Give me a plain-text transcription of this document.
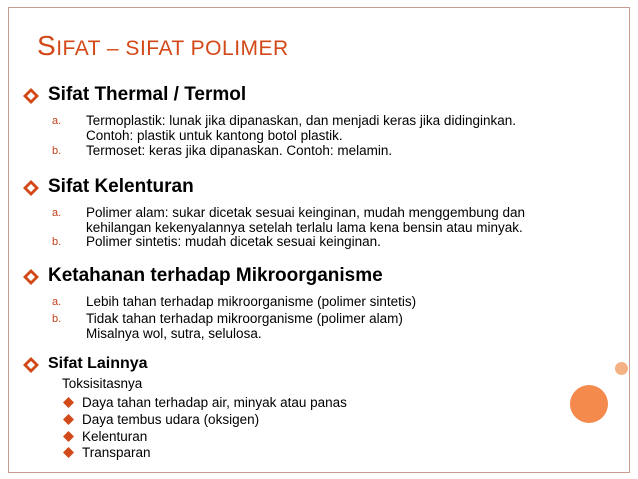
SIFAT – SIFAT POLIMER
Sifat Thermal / Termol
a. Termoplastik: lunak jika dipanaskan, dan menjadi keras jika didinginkan.
Contoh: plastik untuk kantong botol plastik.
b. Termoset: keras jika dipanaskan. Contoh: melamin.
Sifat Kelenturan
a. Polimer alam: sukar dicetak sesuai keinginan, mudah menggembung dan
kehilangan kekenyalannya setelah terlalu lama kena bensin atau minyak.
b. Polimer sintetis: mudah dicetak sesuai keinginan.
Ketahanan terhadap Mikroorganisme
a. Lebih tahan terhadap mikroorganisme (polimer sintetis)
b. Tidak tahan terhadap mikroorganisme (polimer alam)
Misalnya wol, sutra, selulosa.
Sifat Lainnya
Toksisitasnya
Daya tahan terhadap air, minyak atau panas
Daya tembus udara (oksigen)
Kelenturan
Transparan
